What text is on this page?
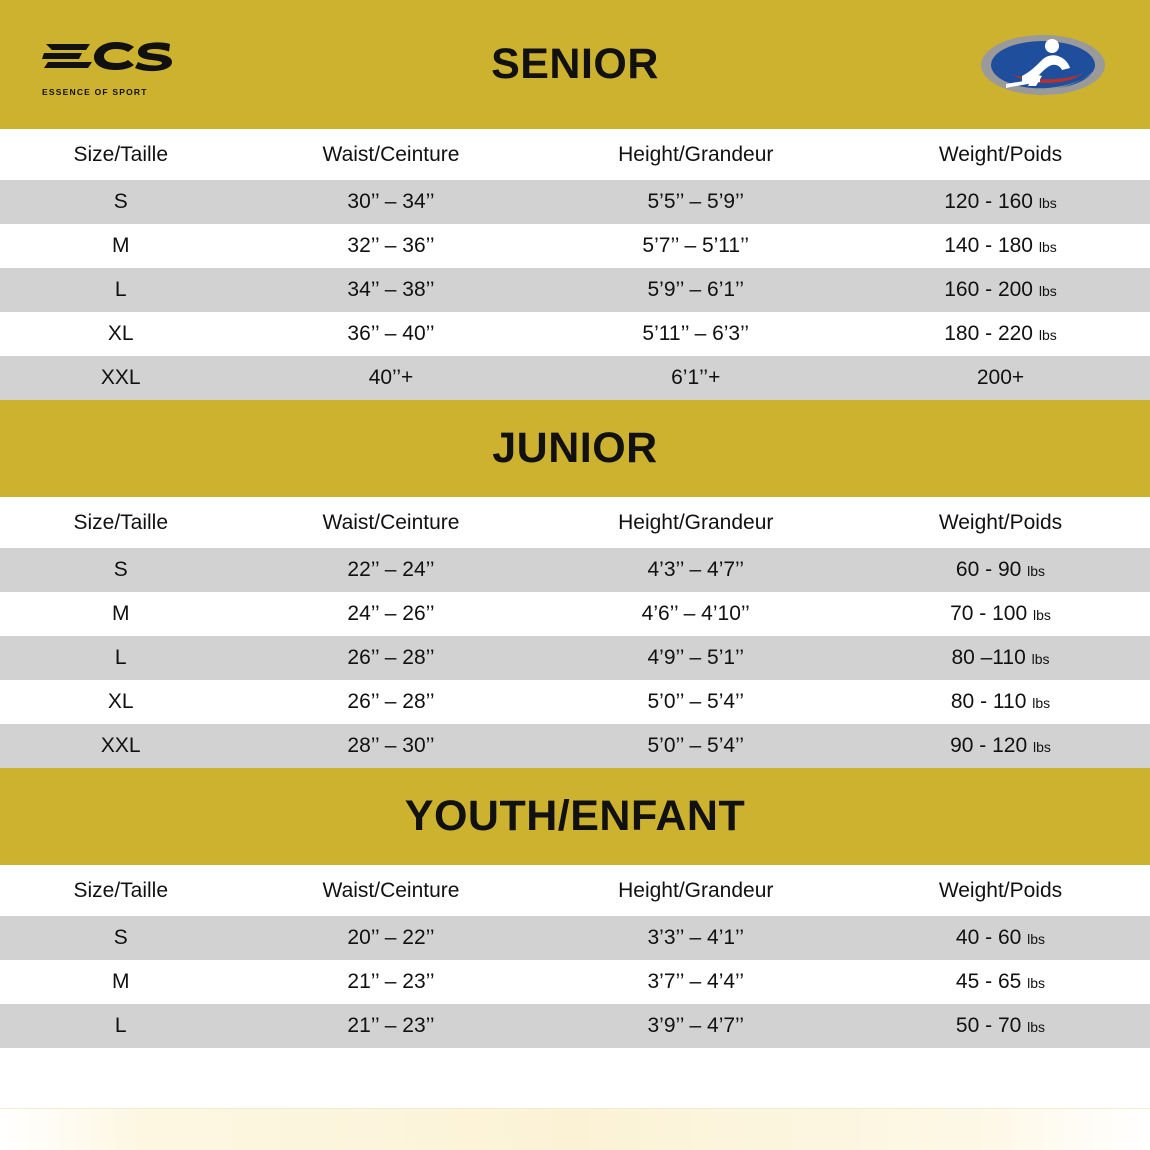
ESSENCE OF SPORT
SENIOR
Size/Taille	Waist/Ceinture	Height/Grandeur	Weight/Poids
S	30’’ – 34’’	5’5’’ – 5’9’’	120 - 160 lbs
M	32’’ – 36’’	5’7’’ – 5’11’’	140 - 180 lbs
L	34’’ – 38’’	5’9’’ – 6’1’’	160 - 200 lbs
XL	36’’ – 40’’	5’11’’ – 6’3’’	180 - 220 lbs
XXL	40’’+	6’1’’+	200+
JUNIOR
Size/Taille	Waist/Ceinture	Height/Grandeur	Weight/Poids
S	22’’ – 24’’	4’3’’ – 4’7’’	60 - 90 lbs
M	24’’ – 26’’	4’6’’ – 4’10’’	70 - 100 lbs
L	26’’ – 28’’	4’9’’ – 5’1’’	80 –110 lbs
XL	26’’ – 28’’	5’0’’ – 5’4’’	80 - 110 lbs
XXL	28’’ – 30’’	5’0’’ – 5’4’’	90 - 120 lbs
YOUTH/ENFANT
Size/Taille	Waist/Ceinture	Height/Grandeur	Weight/Poids
S	20’’ – 22’’	3’3’’ – 4’1’’	40 - 60 lbs
M	21’’ – 23’’	3’7’’ – 4’4’’	45 - 65 lbs
L	21’’ – 23’’	3’9’’ – 4’7’’	50 - 70 lbs
